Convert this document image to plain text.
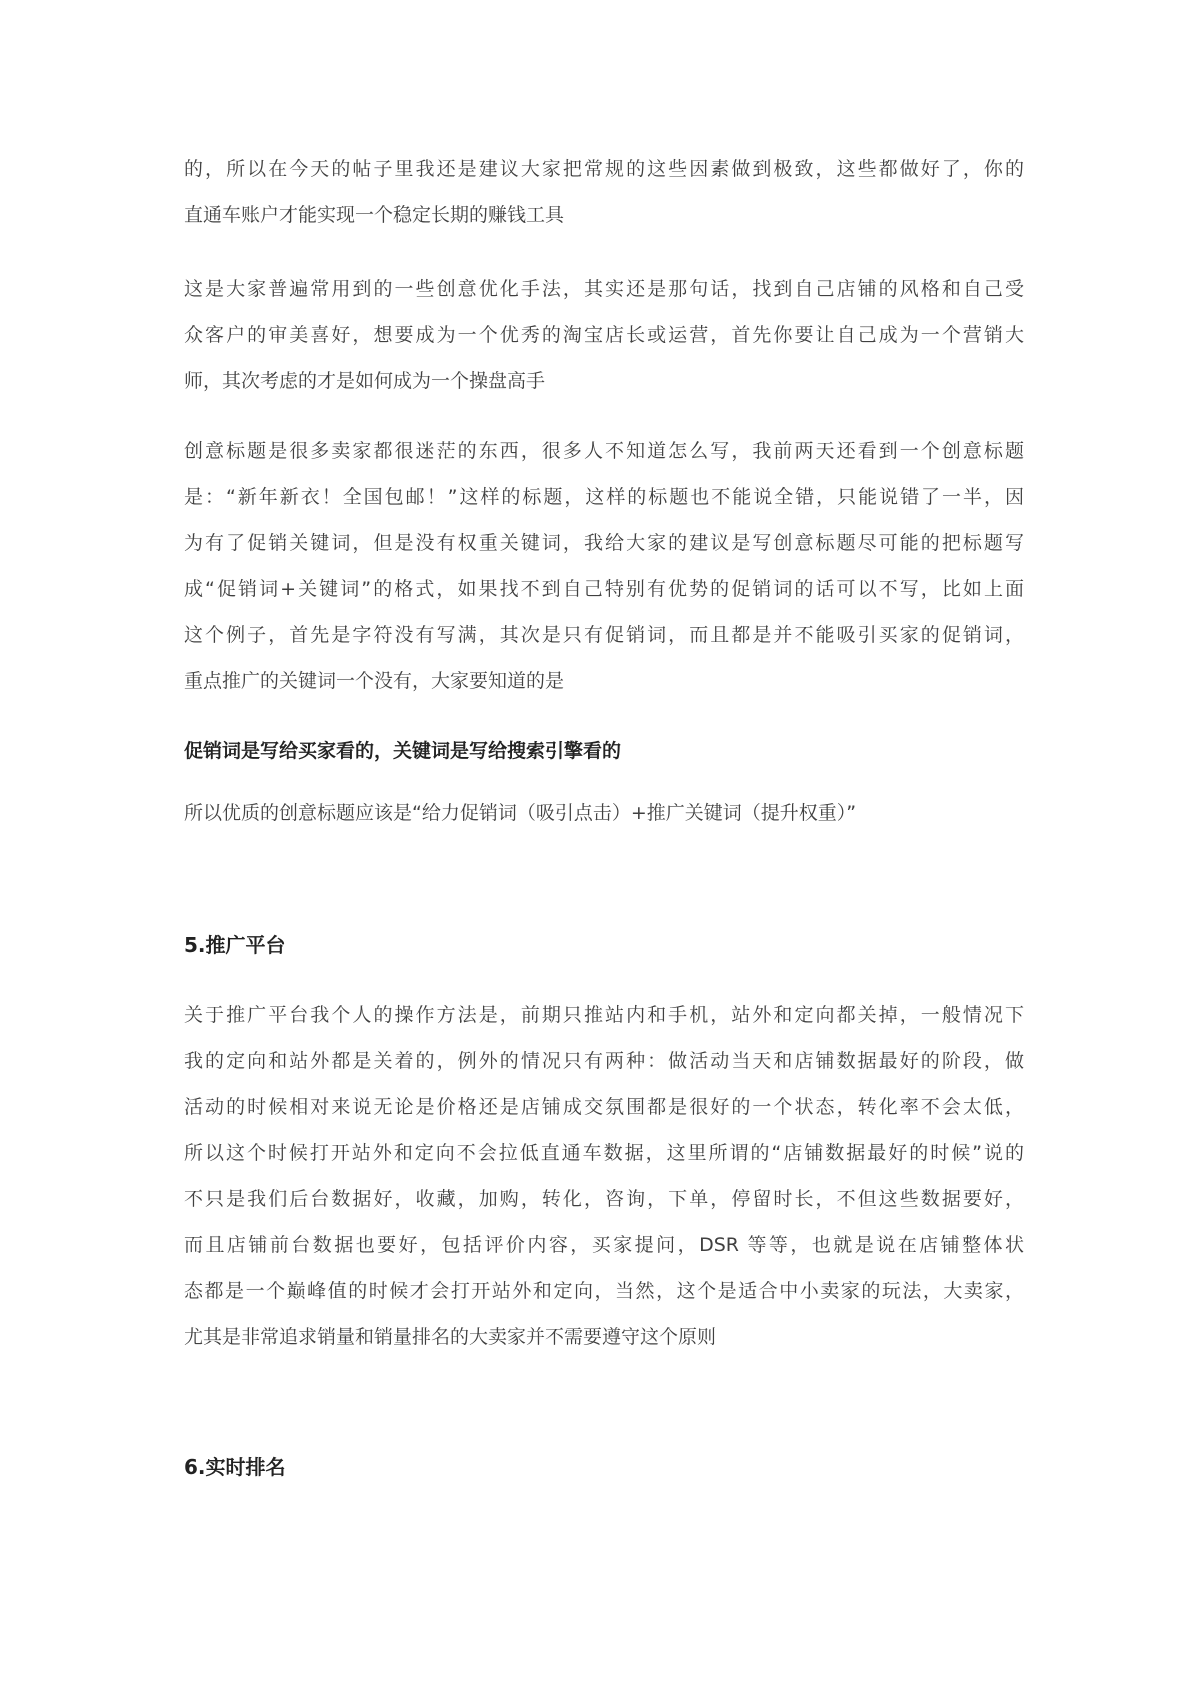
的，所以在今天的帖子里我还是建议大家把常规的这些因素做到极致，这些都做好了，你的
直通车账户才能实现一个稳定长期的赚钱工具
这是大家普遍常用到的一些创意优化手法，其实还是那句话，找到自己店铺的风格和自己受
众客户的审美喜好，想要成为一个优秀的淘宝店长或运营，首先你要让自己成为一个营销大
师，其次考虑的才是如何成为一个操盘高手
创意标题是很多卖家都很迷茫的东西，很多人不知道怎么写，我前两天还看到一个创意标题
是：“新年新衣！全国包邮！”这样的标题，这样的标题也不能说全错，只能说错了一半，因
为有了促销关键词，但是没有权重关键词，我给大家的建议是写创意标题尽可能的把标题写
成“促销词+关键词”的格式，如果找不到自己特别有优势的促销词的话可以不写，比如上面
这个例子，首先是字符没有写满，其次是只有促销词，而且都是并不能吸引买家的促销词，
重点推广的关键词一个没有，大家要知道的是
促销词是写给买家看的，关键词是写给搜索引擎看的
所以优质的创意标题应该是“给力促销词（吸引点击）+推广关键词（提升权重）”
5.推广平台
关于推广平台我个人的操作方法是，前期只推站内和手机，站外和定向都关掉，一般情况下
我的定向和站外都是关着的，例外的情况只有两种：做活动当天和店铺数据最好的阶段，做
活动的时候相对来说无论是价格还是店铺成交氛围都是很好的一个状态，转化率不会太低，
所以这个时候打开站外和定向不会拉低直通车数据，这里所谓的“店铺数据最好的时候”说的
不只是我们后台数据好，收藏，加购，转化，咨询，下单，停留时长，不但这些数据要好，
而且店铺前台数据也要好，包括评价内容，买家提问，DSR 等等，也就是说在店铺整体状
态都是一个巅峰值的时候才会打开站外和定向，当然，这个是适合中小卖家的玩法，大卖家，
尤其是非常追求销量和销量排名的大卖家并不需要遵守这个原则
6.实时排名
